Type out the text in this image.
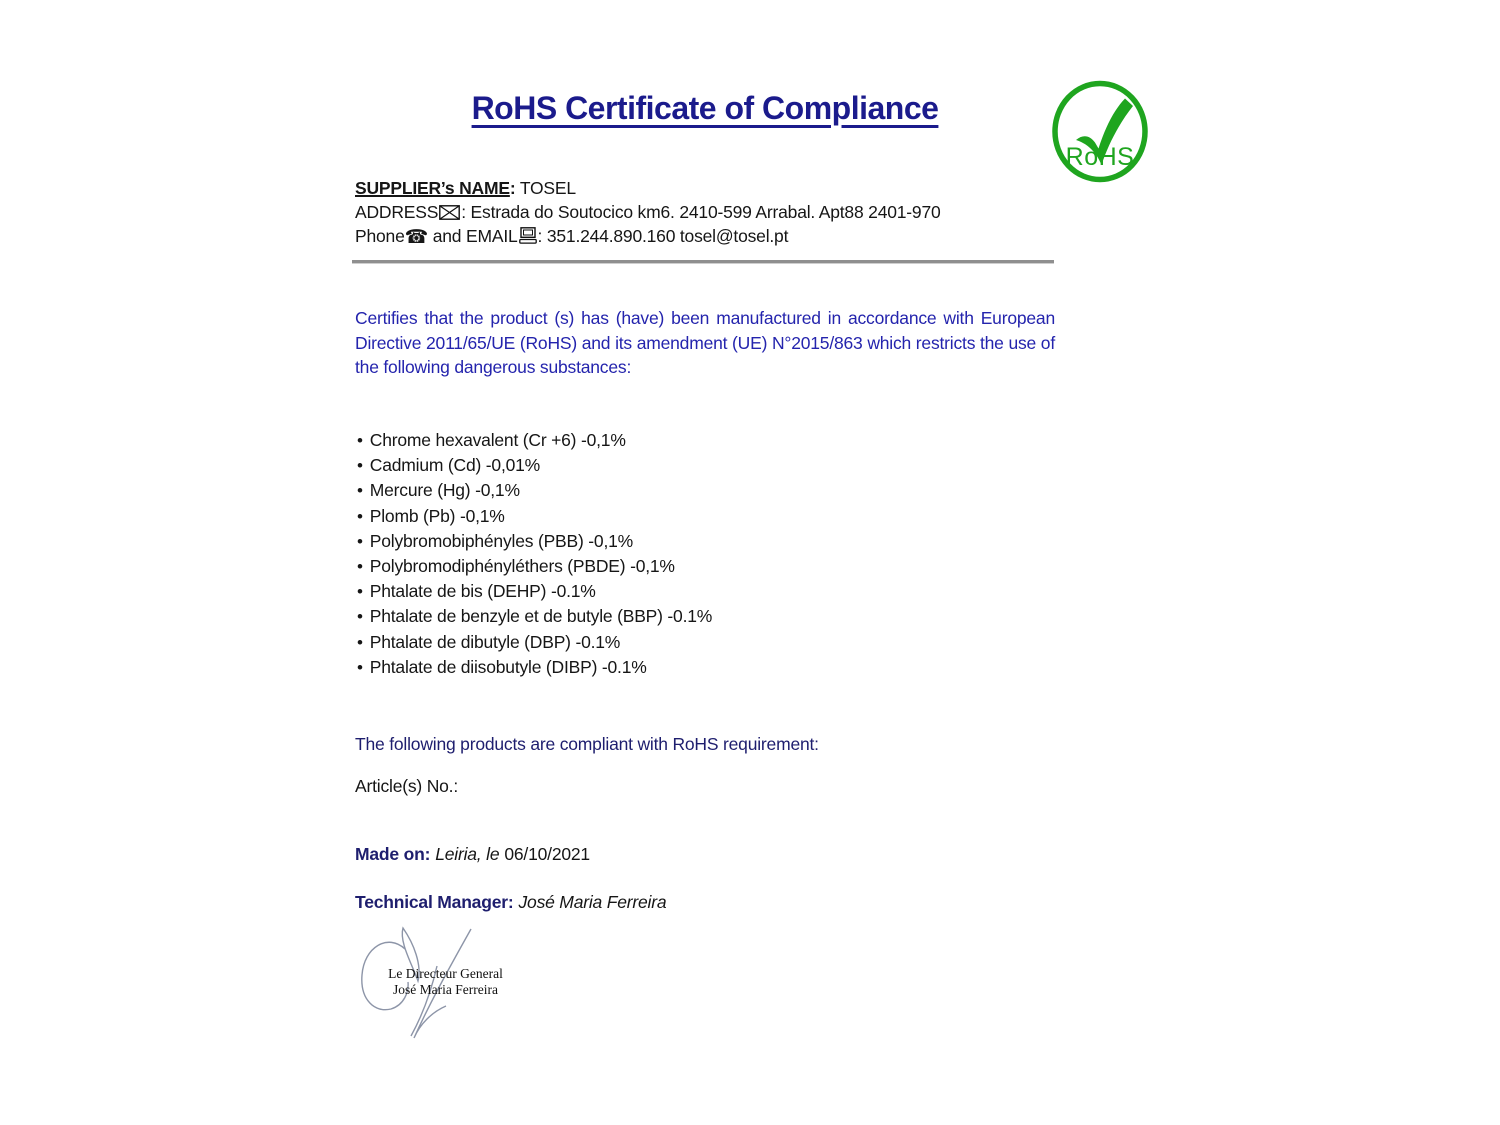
RoHS Certificate of Compliance
RoHS

SUPPLIER’s NAME: TOSEL

ADDRESS : Estrada do Soutocico km6. 2410-599 Arrabal. Apt88 2401-970

Phone☎ and EMAIL : 351.244.890.160 tosel@tosel.pt

Certifies that the product (s) has (have) been manufactured in accordance with European Directive 2011/65/UE (RoHS) and its amendment (UE) N°2015/863 which restricts the use of the following dangerous substances:

• Chrome hexavalent (Cr +6) -0,1%
• Cadmium (Cd) -0,01%
• Mercure (Hg) -0,1%
• Plomb (Pb) -0,1%
• Polybromobiphényles (PBB) -0,1%
• Polybromodiphényléthers (PBDE) -0,1%
• Phtalate de bis (DEHP) -0.1%
• Phtalate de benzyle et de butyle (BBP) -0.1%
• Phtalate de dibutyle (DBP) -0.1%
• Phtalate de diisobutyle (DIBP) -0.1%

The following products are compliant with RoHS requirement:

Article(s) No.:

Made on: Leiria, le 06/10/2021

Technical Manager: José Maria Ferreira

Le Directeur General
José Maria Ferreira
